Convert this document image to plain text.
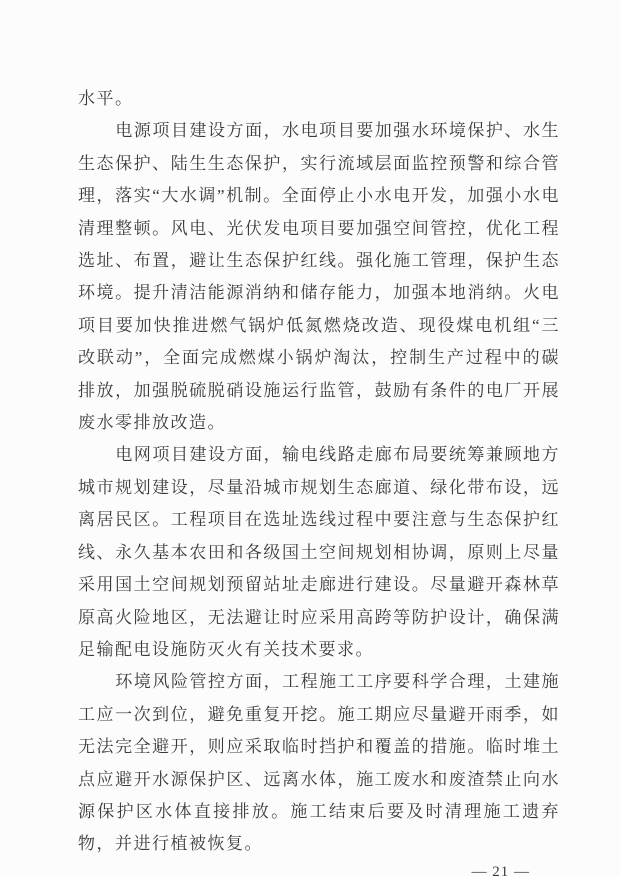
水平。

电源项目建设方面，水电项目要加强水环境保护、水生生态保护、陆生生态保护，实行流域层面监控预警和综合管理，落实“大水调”机制。全面停止小水电开发，加强小水电清理整顿。风电、光伏发电项目要加强空间管控，优化工程选址、布置，避让生态保护红线。强化施工管理，保护生态环境。提升清洁能源消纳和储存能力，加强本地消纳。火电项目要加快推进燃气锅炉低氮燃烧改造、现役煤电机组“三改联动”，全面完成燃煤小锅炉淘汰，控制生产过程中的碳排放，加强脱硫脱硝设施运行监管，鼓励有条件的电厂开展废水零排放改造。

电网项目建设方面，输电线路走廊布局要统筹兼顾地方城市规划建设，尽量沿城市规划生态廊道、绿化带布设，远离居民区。工程项目在选址选线过程中要注意与生态保护红线、永久基本农田和各级国土空间规划相协调，原则上尽量采用国土空间规划预留站址走廊进行建设。尽量避开森林草原高火险地区，无法避让时应采用高跨等防护设计，确保满足输配电设施防灭火有关技术要求。

环境风险管控方面，工程施工工序要科学合理，土建施工应一次到位，避免重复开挖。施工期应尽量避开雨季，如无法完全避开，则应采取临时挡护和覆盖的措施。临时堆土点应避开水源保护区、远离水体，施工废水和废渣禁止向水源保护区水体直接排放。施工结束后要及时清理施工遗弃物，并进行植被恢复。

— 21 —
